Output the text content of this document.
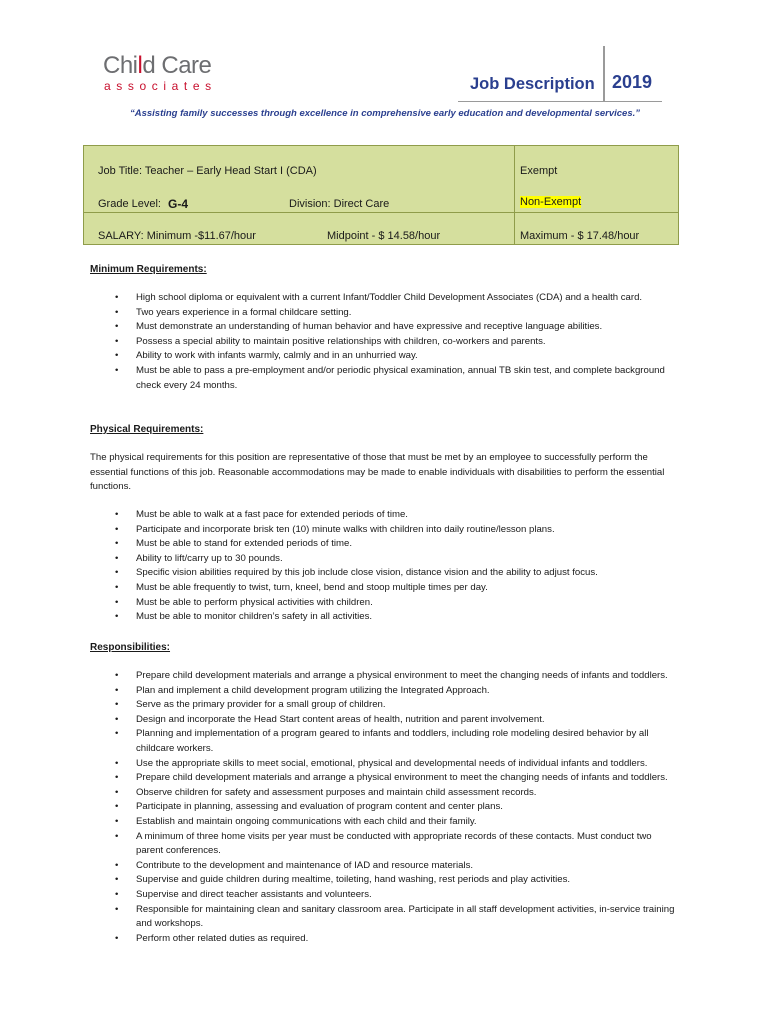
Child Care
associates	Job Description 2019
“Assisting family successes through excellence in comprehensive early education and developmental services.”
Job Title: Teacher – Early Head Start I (CDA)	Exempt
Grade Level: G-4	Division: Direct Care	Non-Exempt
SALARY: Minimum -$11.67/hour	Midpoint - $ 14.58/hour	Maximum - $ 17.48/hour
Minimum Requirements:
• High school diploma or equivalent with a current Infant/Toddler Child Development Associates (CDA) and a health card.
• Two years experience in a formal childcare setting.
• Must demonstrate an understanding of human behavior and have expressive and receptive language abilities.
• Possess a special ability to maintain positive relationships with children, co-workers and parents.
• Ability to work with infants warmly, calmly and in an unhurried way.
• Must be able to pass a pre-employment and/or periodic physical examination, annual TB skin test, and complete background check every 24 months.
Physical Requirements:
The physical requirements for this position are representative of those that must be met by an employee to successfully perform the essential functions of this job. Reasonable accommodations may be made to enable individuals with disabilities to perform the essential functions.
• Must be able to walk at a fast pace for extended periods of time.
• Participate and incorporate brisk ten (10) minute walks with children into daily routine/lesson plans.
• Must be able to stand for extended periods of time.
• Ability to lift/carry up to 30 pounds.
• Specific vision abilities required by this job include close vision, distance vision and the ability to adjust focus.
• Must be able frequently to twist, turn, kneel, bend and stoop multiple times per day.
• Must be able to perform physical activities with children.
• Must be able to monitor children’s safety in all activities.
Responsibilities:
• Prepare child development materials and arrange a physical environment to meet the changing needs of infants and toddlers.
• Plan and implement a child development program utilizing the Integrated Approach.
• Serve as the primary provider for a small group of children.
• Design and incorporate the Head Start content areas of health, nutrition and parent involvement.
• Planning and implementation of a program geared to infants and toddlers, including role modeling desired behavior by all childcare workers.
• Use the appropriate skills to meet social, emotional, physical and developmental needs of individual infants and toddlers.
• Prepare child development materials and arrange a physical environment to meet the changing needs of infants and toddlers.
• Observe children for safety and assessment purposes and maintain child assessment records.
• Participate in planning, assessing and evaluation of program content and center plans.
• Establish and maintain ongoing communications with each child and their family.
• A minimum of three home visits per year must be conducted with appropriate records of these contacts. Must conduct two parent conferences.
• Contribute to the development and maintenance of IAD and resource materials.
• Supervise and guide children during mealtime, toileting, hand washing, rest periods and play activities.
• Supervise and direct teacher assistants and volunteers.
• Responsible for maintaining clean and sanitary classroom area. Participate in all staff development activities, in-service training and workshops.
• Perform other related duties as required.
